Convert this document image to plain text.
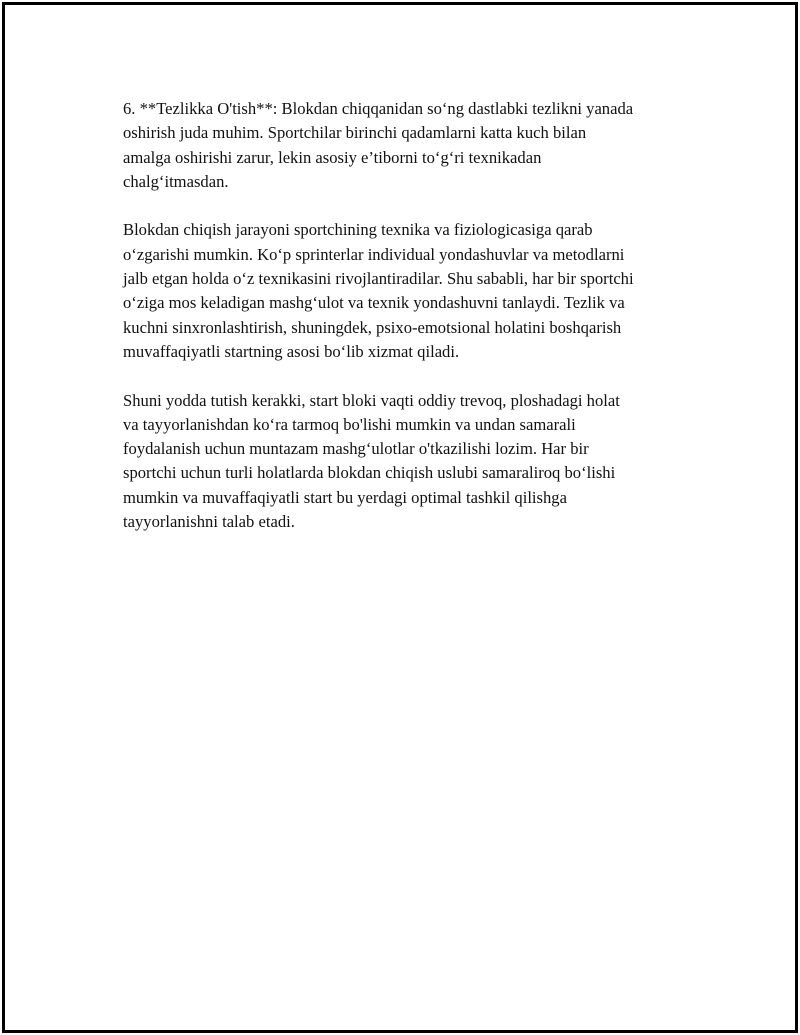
6. **Tezlikka O'tish**: Blokdan chiqqanidan so‘ng dastlabki tezlikni yanada
oshirish juda muhim. Sportchilar birinchi qadamlarni katta kuch bilan
amalga oshirishi zarur, lekin asosiy e’tiborni to‘g‘ri texnikadan
chalg‘itmasdan.

Blokdan chiqish jarayoni sportchining texnika va fiziologicasiga qarab
o‘zgarishi mumkin. Ko‘p sprinterlar individual yondashuvlar va metodlarni
jalb etgan holda o‘z texnikasini rivojlantiradilar. Shu sababli, har bir sportchi
o‘ziga mos keladigan mashg‘ulot va texnik yondashuvni tanlaydi. Tezlik va
kuchni sinxronlashtirish, shuningdek, psixo-emotsional holatini boshqarish
muvaffaqiyatli startning asosi bo‘lib xizmat qiladi.

Shuni yodda tutish kerakki, start bloki vaqti oddiy trevoq, ploshadagi holat
va tayyorlanishdan ko‘ra tarmoq bo'lishi mumkin va undan samarali
foydalanish uchun muntazam mashg‘ulotlar o'tkazilishi lozim. Har bir
sportchi uchun turli holatlarda blokdan chiqish uslubi samaraliroq bo‘lishi
mumkin va muvaffaqiyatli start bu yerdagi optimal tashkil qilishga
tayyorlanishni talab etadi.
